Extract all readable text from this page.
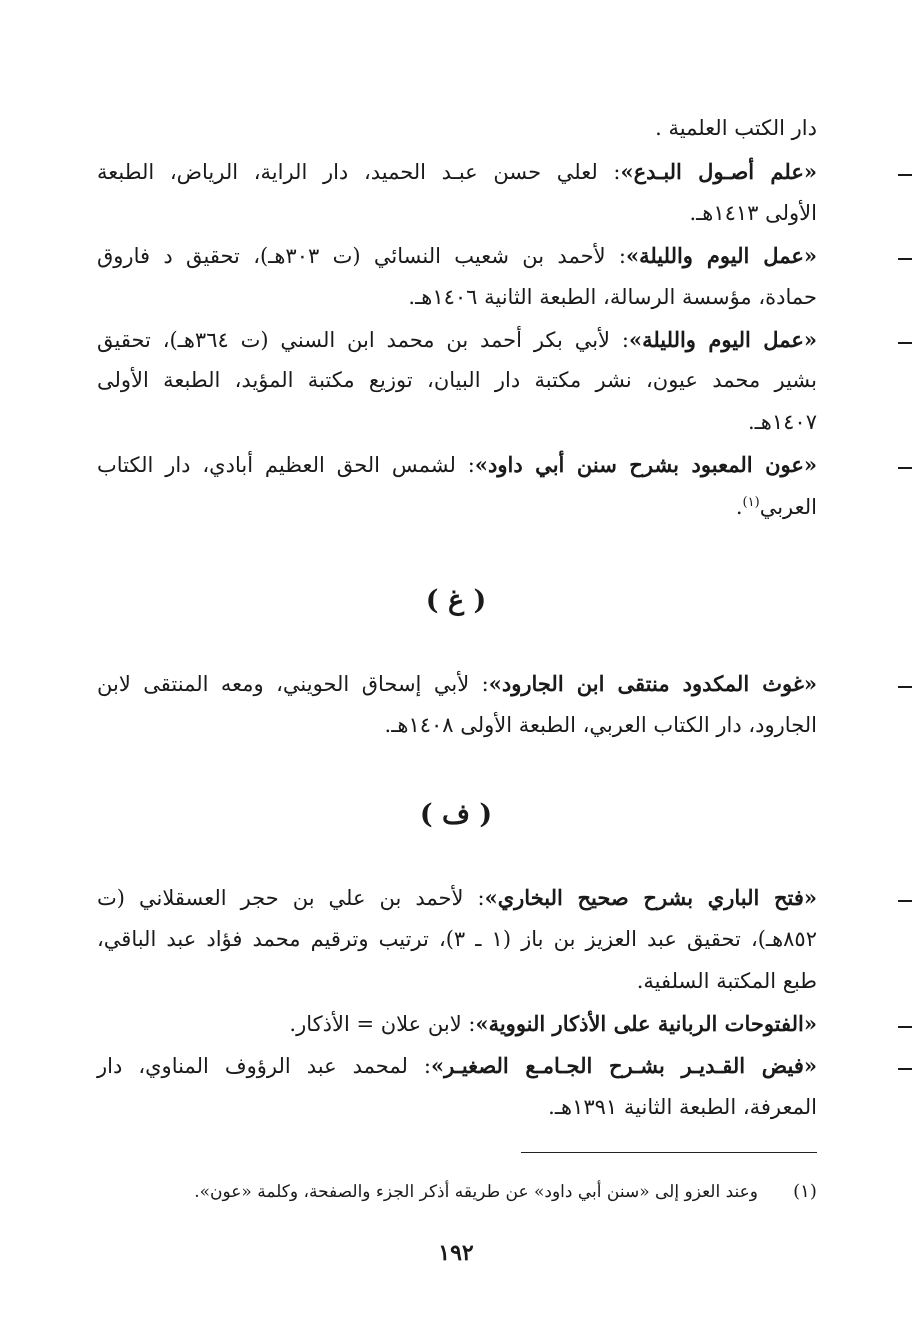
دار الكتب العلمية .
«علم أصـول البـدع»: لعلي حسن عبـد الحميد، دار الراية، الرياض، الطبعة
الأولى ١٤١٣هـ.
«عمل اليوم والليلة»: لأحمد بن شعيب النسائي (ت ٣٠٣هـ)، تحقيق د فاروق
حمادة، مؤسسة الرسالة، الطبعة الثانية ١٤٠٦هـ.
«عمل اليوم والليلة»: لأبي بكر أحمد بن محمد ابن السني (ت ٣٦٤هـ)، تحقيق
بشير محمد عيون، نشر مكتبة دار البيان، توزيع مكتبة المؤيد، الطبعة الأولى
١٤٠٧هـ.
«عون المعبود بشرح سنن أبي داود»: لشمس الحق العظيم أبادي، دار الكتاب
العربي$^{(١)}$.
( غ )
«غوث المكدود منتقى ابن الجارود»: لأبي إسحاق الحويني، ومعه المنتقى لابن
الجارود، دار الكتاب العربي، الطبعة الأولى ١٤٠٨هـ.
( ف )
«فتح الباري بشرح صحيح البخاري»: لأحمد بن علي بن حجر العسقلاني (ت
٨٥٢هـ)، تحقيق عبد العزيز بن باز (١ ـ ٣)، ترتيب وترقيم محمد فؤاد عبد الباقي،
طبع المكتبة السلفية.
«الفتوحات الربانية على الأذكار النووية»: لابن علان = الأذكار.
«فيض القـديـر بشـرح الجـامـع الصغيـر»: لمحمد عبد الرؤوف المناوي، دار
المعرفة، الطبعة الثانية ١٣٩١هـ.
(١)
وعند العزو إلى «سنن أبي داود» عن طريقه أذكر الجزء والصفحة، وكلمة «عون».
١٩٢
